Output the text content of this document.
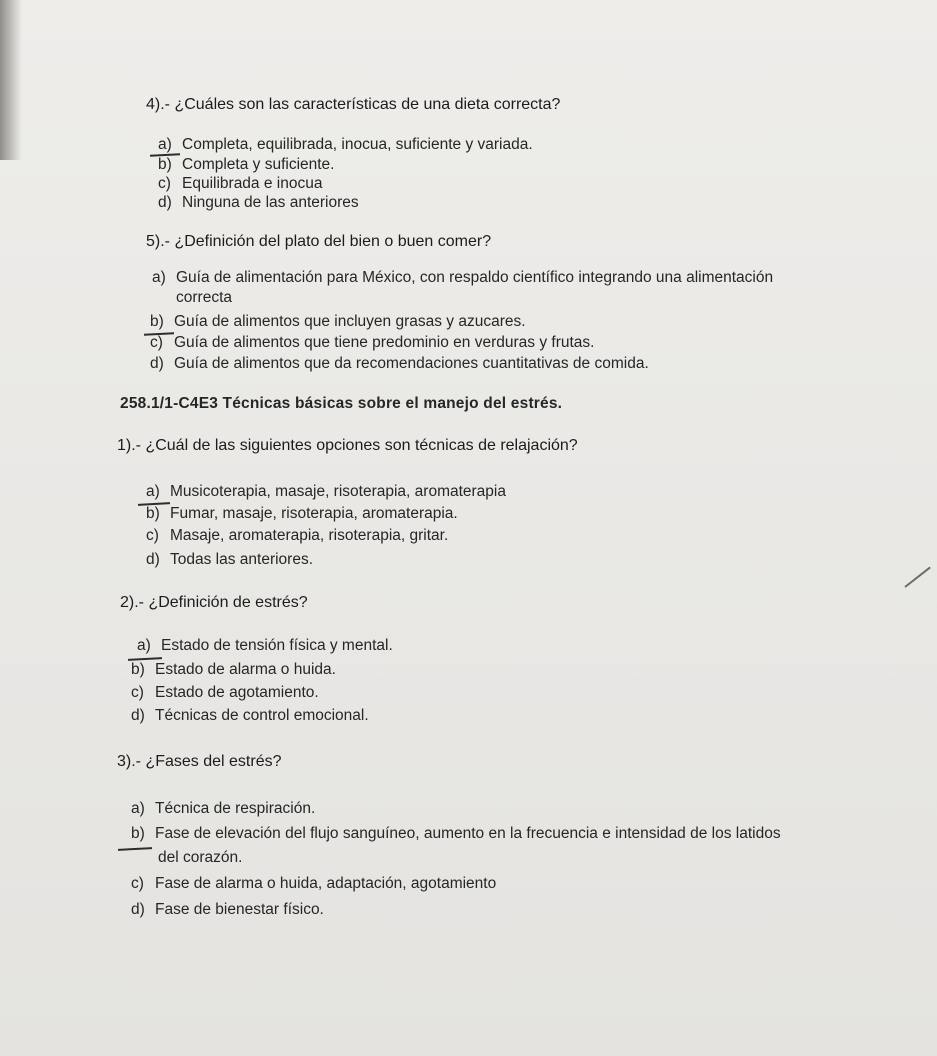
4).- ¿Cuáles son las características de una dieta correcta?
a) Completa, equilibrada, inocua, suficiente y variada.
b) Completa y suficiente.
c) Equilibrada e inocua
d) Ninguna de las anteriores
5).- ¿Definición del plato del bien o buen comer?
a) Guía de alimentación para México, con respaldo científico integrando una alimentación
correcta
b) Guía de alimentos que incluyen grasas y azucares.
c) Guía de alimentos que tiene predominio en verduras y frutas.
d) Guía de alimentos que da recomendaciones cuantitativas de comida.
258.1/1-C4E3 Técnicas básicas sobre el manejo del estrés.
1).- ¿Cuál de las siguientes opciones son técnicas de relajación?
a) Musicoterapia, masaje, risoterapia, aromaterapia
b) Fumar, masaje, risoterapia, aromaterapia.
c) Masaje, aromaterapia, risoterapia, gritar.
d) Todas las anteriores.
2).- ¿Definición de estrés?
a) Estado de tensión física y mental.
b) Estado de alarma o huida.
c) Estado de agotamiento.
d) Técnicas de control emocional.
3).- ¿Fases del estrés?
a) Técnica de respiración.
b) Fase de elevación del flujo sanguíneo, aumento en la frecuencia e intensidad de los latidos
del corazón.
c) Fase de alarma o huida, adaptación, agotamiento
d) Fase de bienestar físico.
